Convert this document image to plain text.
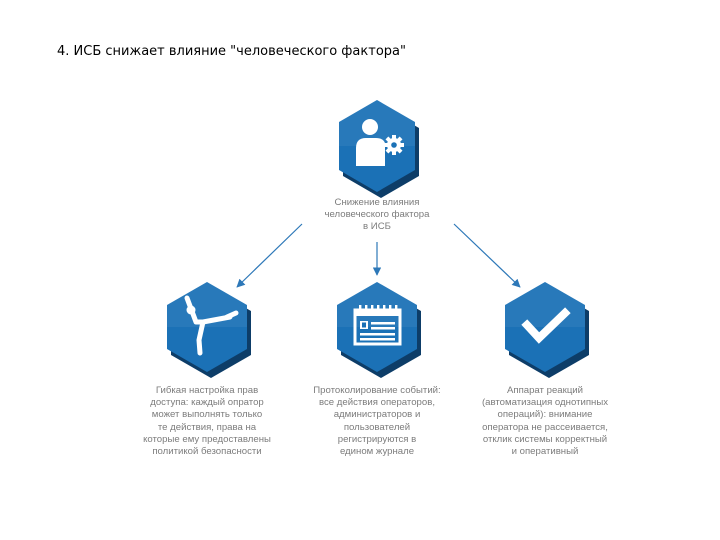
4. ИСБ снижает влияние "человеческого фактора"
Снижение влияния
человеческого фактора
в ИСБ
Гибкая настройка прав
доступа: каждый опратор
может выполнять только
те действия, права на
которые ему предоставлены
политикой безопасности
Протоколирование событий:
все действия операторов,
администраторов и
пользователей
регистрируются в
едином журнале
Аппарат реакций
(автоматизация однотипных
операций): внимание
оператора не рассеивается,
отклик системы корректный
и оперативный
